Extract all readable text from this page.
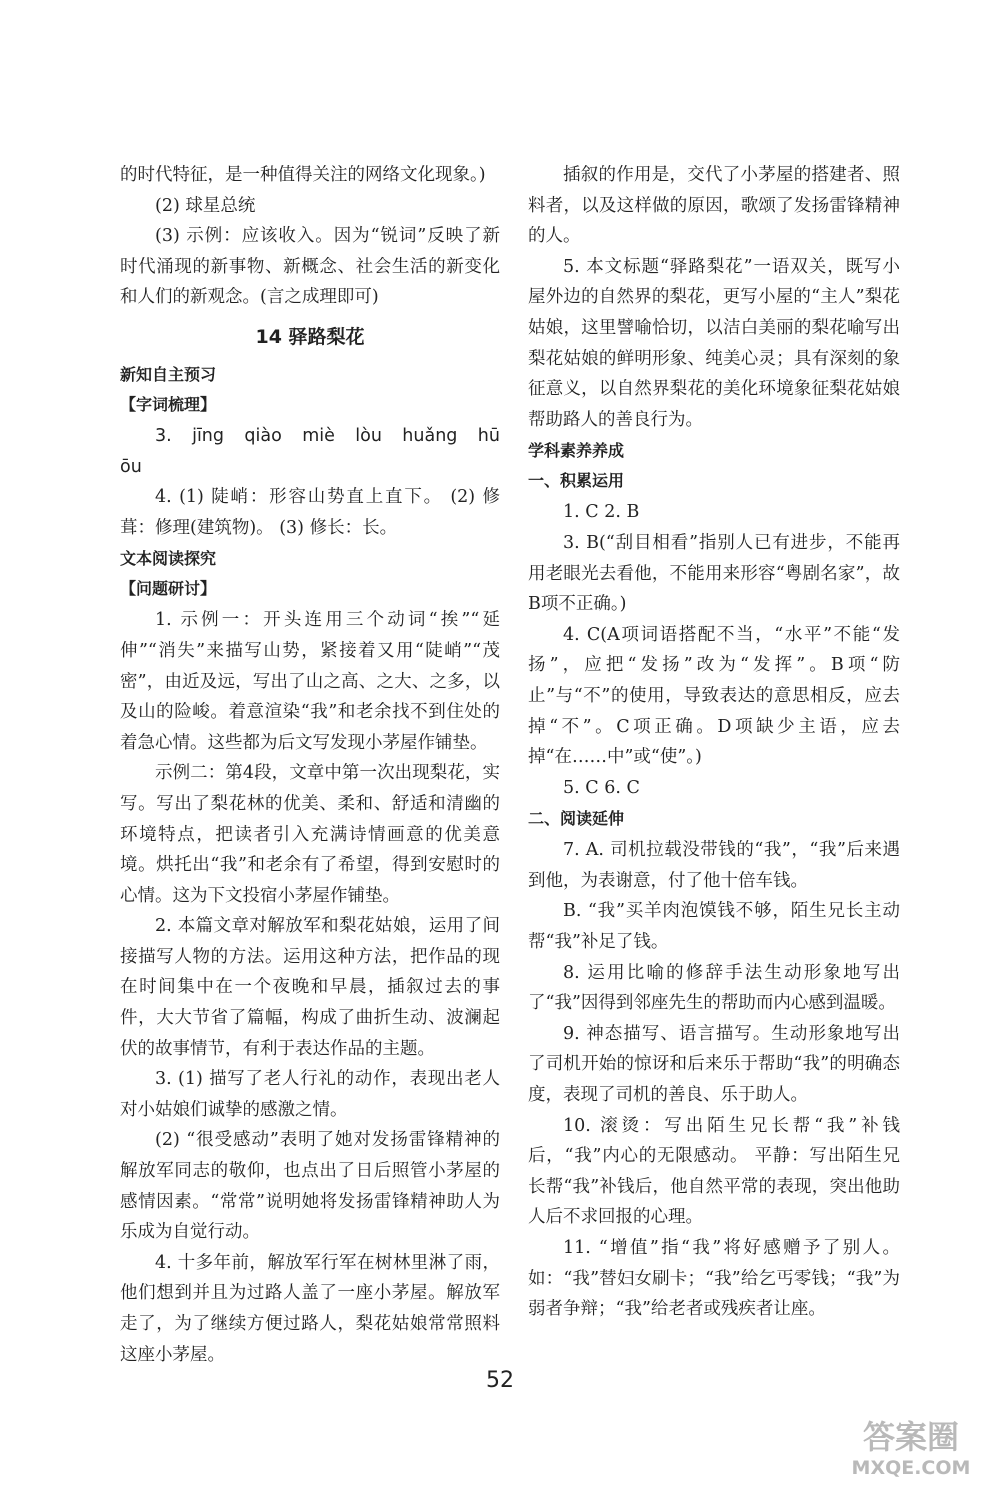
的时代特征，是一种值得关注的网络文化现象。)

(2) 球星总统

(3) 示例：应该收入。因为“锐词”反映了新时代涌现的新事物、新概念、社会生活的新变化和人们的新观念。(言之成理即可)

14 驿路梨花
新知自主预习
【字词梳理】

3. jīng qiào miè lòu huǎng hū ōu

4. (1) 陡峭：形容山势直上直下。 (2) 修葺：修理(建筑物)。 (3) 修长：长。

文本阅读探究
【问题研讨】

1. 示例一：开头连用三个动词“挨”“延伸”“消失”来描写山势，紧接着又用“陡峭”“茂密”，由近及远，写出了山之高、之大、之多，以及山的险峻。着意渲染“我”和老余找不到住处的着急心情。这些都为后文写发现小茅屋作铺垫。

示例二：第4段，文章中第一次出现梨花，实写。写出了梨花林的优美、柔和、舒适和清幽的环境特点，把读者引入充满诗情画意的优美意境。烘托出“我”和老余有了希望，得到安慰时的心情。这为下文投宿小茅屋作铺垫。

2. 本篇文章对解放军和梨花姑娘，运用了间接描写人物的方法。运用这种方法，把作品的现在时间集中在一个夜晚和早晨，插叙过去的事件，大大节省了篇幅，构成了曲折生动、波澜起伏的故事情节，有利于表达作品的主题。

3. (1) 描写了老人行礼的动作，表现出老人对小姑娘们诚挚的感激之情。

(2) “很受感动”表明了她对发扬雷锋精神的解放军同志的敬仰，也点出了日后照管小茅屋的感情因素。“常常”说明她将发扬雷锋精神助人为乐成为自觉行动。

4. 十多年前，解放军行军在树林里淋了雨，他们想到并且为过路人盖了一座小茅屋。解放军走了，为了继续方便过路人，梨花姑娘常常照料这座小茅屋。

插叙的作用是，交代了小茅屋的搭建者、照料者，以及这样做的原因，歌颂了发扬雷锋精神的人。

5. 本文标题“驿路梨花”一语双关，既写小屋外边的自然界的梨花，更写小屋的“主人”梨花姑娘，这里譬喻恰切，以洁白美丽的梨花喻写出梨花姑娘的鲜明形象、纯美心灵；具有深刻的象征意义，以自然界梨花的美化环境象征梨花姑娘帮助路人的善良行为。

学科素养养成
一、积累运用

1. C 2. B

3. B(“刮目相看”指别人已有进步，不能再用老眼光去看他，不能用来形容“粤剧名家”，故B项不正确。)

4. C(A项词语搭配不当，“水平”不能“发扬”，应把“发扬”改为“发挥”。B项“防止”与“不”的使用，导致表达的意思相反，应去掉“不”。C项正确。D项缺少主语，应去掉“在……中”或“使”。)

5. C 6. C

二、阅读延伸

7. A. 司机拉载没带钱的“我”，“我”后来遇到他，为表谢意，付了他十倍车钱。

B. “我”买羊肉泡馍钱不够，陌生兄长主动帮“我”补足了钱。

8. 运用比喻的修辞手法生动形象地写出了“我”因得到邻座先生的帮助而内心感到温暖。

9. 神态描写、语言描写。生动形象地写出了司机开始的惊讶和后来乐于帮助“我”的明确态度，表现了司机的善良、乐于助人。

10. 滚烫：写出陌生兄长帮“我”补钱后，“我”内心的无限感动。 平静：写出陌生兄长帮“我”补钱后，他自然平常的表现，突出他助人后不求回报的心理。

11. “增值”指“我”将好感赠予了别人。如：“我”替妇女刷卡；“我”给乞丐零钱；“我”为弱者争辩；“我”给老者或残疾者让座。

52
答案圈
MXQE.COM
